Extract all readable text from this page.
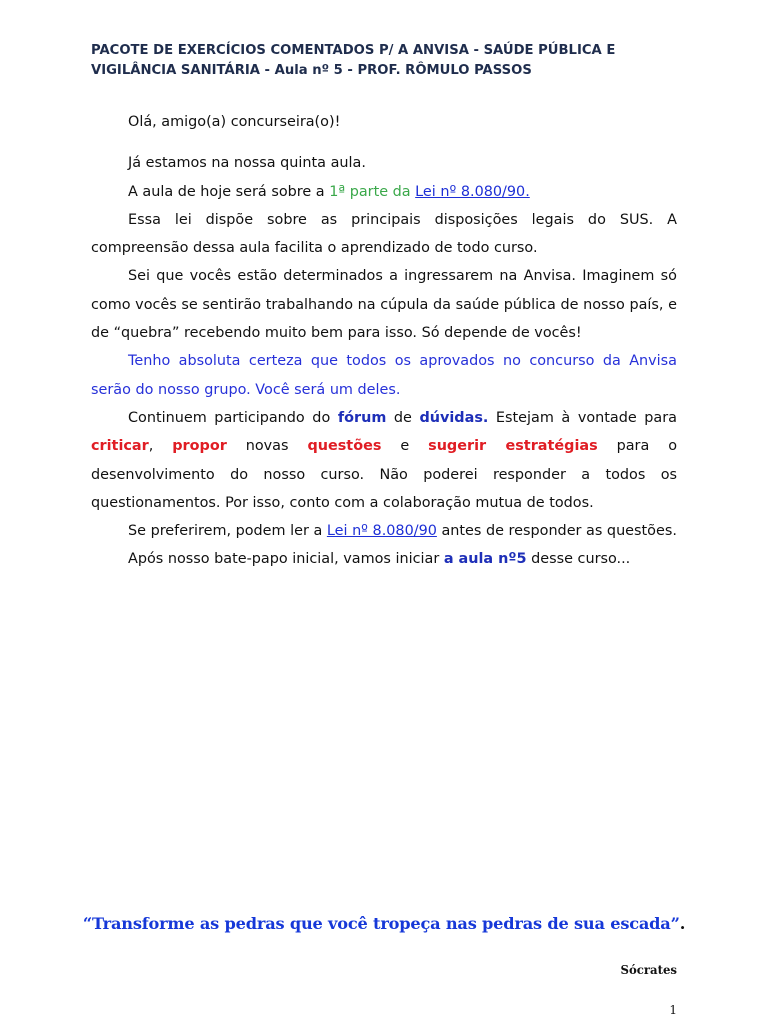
PACOTE DE EXERCÍCIOS COMENTADOS P/ A ANVISA - SAÚDE PÚBLICA E
VIGILÂNCIA SANITÁRIA - Aula nº 5 - PROF. RÔMULO PASSOS

Olá, amigo(a) concurseira(o)!

Já estamos na nossa quinta aula.

A aula de hoje será sobre a 1ª parte da Lei nº 8.080/90.

Essa lei dispõe sobre as principais disposições legais do SUS. A compreensão dessa aula facilita o aprendizado de todo curso.

Sei que vocês estão determinados a ingressarem na Anvisa. Imaginem só como vocês se sentirão trabalhando na cúpula da saúde pública de nosso país, e de “quebra” recebendo muito bem para isso. Só depende de vocês!

Tenho absoluta certeza que todos os aprovados no concurso da Anvisa serão do nosso grupo. Você será um deles.

Continuem participando do fórum de dúvidas. Estejam à vontade para criticar, propor novas questões e sugerir estratégias para o desenvolvimento do nosso curso. Não poderei responder a todos os questionamentos. Por isso, conto com a colaboração mutua de todos.

Se preferirem, podem ler a Lei nº 8.080/90 antes de responder as questões.

Após nosso bate-papo inicial, vamos iniciar a aula nº5 desse curso...

“Transforme as pedras que você tropeça nas pedras de sua escada”.
Sócrates
1
